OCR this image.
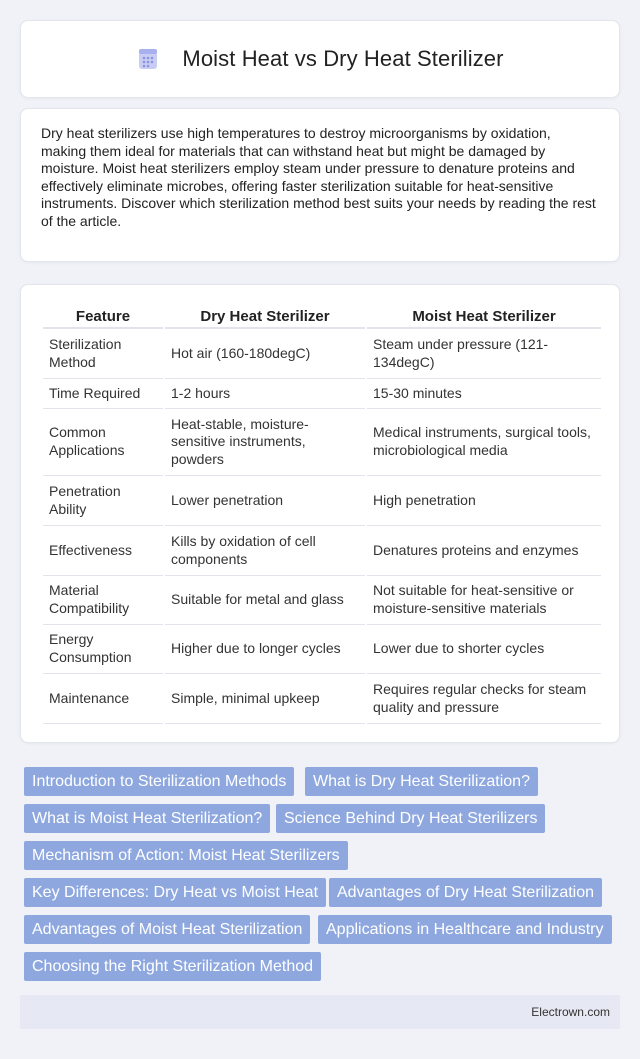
Moist Heat vs Dry Heat Sterilizer

Dry heat sterilizers use high temperatures to destroy microorganisms by oxidation, making them ideal for materials that can withstand heat but might be damaged by moisture. Moist heat sterilizers employ steam under pressure to denature proteins and effectively eliminate microbes, offering faster sterilization suitable for heat-sensitive instruments. Discover which sterilization method best suits your needs by reading the rest of the article.

Feature	Dry Heat Sterilizer	Moist Heat Sterilizer
Sterilization Method	Hot air (160-180degC)	Steam under pressure (121-134degC)
Time Required	1-2 hours	15-30 minutes
Common Applications	Heat-stable, moisture-sensitive instruments, powders	Medical instruments, surgical tools, microbiological media
Penetration Ability	Lower penetration	High penetration
Effectiveness	Kills by oxidation of cell components	Denatures proteins and enzymes
Material Compatibility	Suitable for metal and glass	Not suitable for heat-sensitive or moisture-sensitive materials
Energy Consumption	Higher due to longer cycles	Lower due to shorter cycles
Maintenance	Simple, minimal upkeep	Requires regular checks for steam quality and pressure
Introduction to Sterilization Methods	What is Dry Heat Sterilization?
What is Moist Heat Sterilization?	Science Behind Dry Heat Sterilizers
Mechanism of Action: Moist Heat Sterilizers
Key Differences: Dry Heat vs Moist Heat	Advantages of Dry Heat Sterilization
Advantages of Moist Heat Sterilization	Applications in Healthcare and Industry
Choosing the Right Sterilization Method
Electrown.com
